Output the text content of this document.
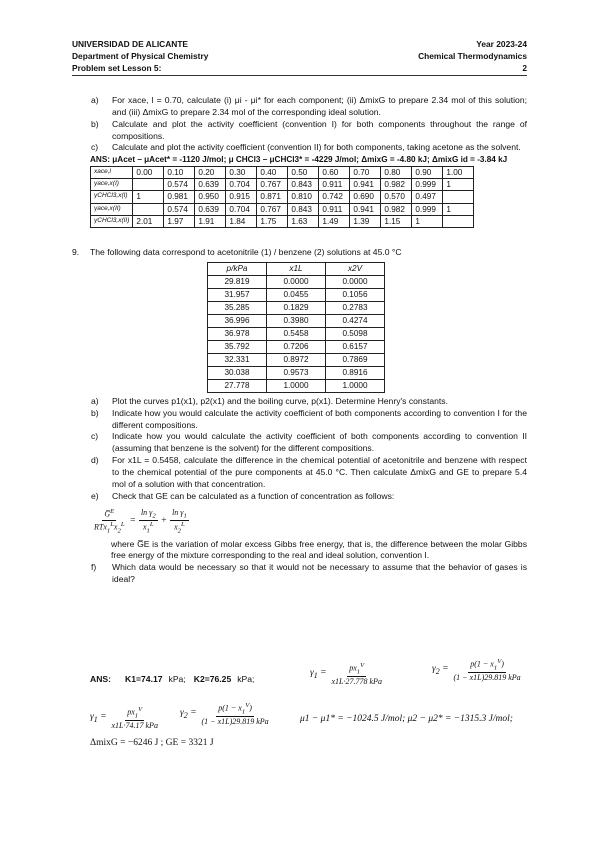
UNIVERSIDAD DE ALICANTE	Year 2023-24
Department of Physical Chemistry	Chemical Thermodynamics
Problem set Lesson 5:	2
a)	For xace, l = 0.70, calculate (i) μi - μi* for each component; (ii) ΔmixG to prepare 2.34 mol of this solution; and (iii) ΔmixG to prepare 2.34 mol of the corresponding ideal solution.
b)	Calculate and plot the activity coefficient (convention I) for both components throughout the range of compositions.
c)	Calculate and plot the activity coefficient (convention II) for both components, taking acetone as the solvent.
ANS: μAcet – μAcet* = -1120 J/mol; μ CHCl3 – μCHCl3* = -4229 J/mol; ΔmixG = -4.80 kJ; ΔmixG id = -3.84 kJ
xace,l	0.00	0.10	0.20	0.30	0.40	0.50	0.60	0.70	0.80	0.90	1.00
γace,x(I)		0.574	0.639	0.704	0.767	0.843	0.911	0.941	0.982	0.999	1
γCHCl3,x(I)	1	0.981	0.950	0.915	0.871	0.810	0.742	0.690	0.570	0.497	
γace,x(II)		0.574	0.639	0.704	0.767	0.843	0.911	0.941	0.982	0.999	1
γCHCl3,x(II)	2.01	1.97	1.91	1.84	1.75	1.63	1.49	1.39	1.15	1	
9.	The following data correspond to acetonitrile (1) / benzene (2) solutions at 45.0 °C
p/kPa	x1L	x2V
29.819	0.0000	0.0000
31.957	0.0455	0.1056
35.285	0.1829	0.2783
36.996	0.3980	0.4274
36.978	0.5458	0.5098
35.792	0.7206	0.6157
32.331	0.8972	0.7869
30.038	0.9573	0.8916
27.778	1.0000	1.0000
a)	Plot the curves p1(x1), p2(x1) and the boiling curve, p(x1). Determine Henry's constants.
b)	Indicate how you would calculate the activity coefficient of both components according to convention I for the different compositions.
c)	Indicate how you would calculate the activity coefficient of both components according to convention II (assuming that benzene is the solvent) for the different compositions.
d)	For x1L = 0.5458, calculate the difference in the chemical potential of acetonitrile and benzene with respect to the chemical potential of the pure components at 45.0 °C. Then calculate ΔmixG and GE to prepare 5.4 mol of a solution with that concentration.
e)	Check that GE can be calculated as a function of concentration as follows:
$\frac{G̅^E}{RTx_1^Lx_2^L} = \frac{\ln \gamma_2}{x_1^L} + \frac{\ln \gamma_1}{x_2^L}$
where G̅E is the variation of molar excess Gibbs free energy, that is, the difference between the molar Gibbs free energy of the mixture corresponding to the real and ideal solution, convention I.
f)	Which data would be necessary so that it would not be necessary to assume that the behavior of gases is ideal?
ANS: K1=74.17 kPa; K2=76.25 kPa;
$\gamma_1 = \frac{px_1^V}{\text{x1L·27.778 kPa}}$	$\gamma_2 = \frac{p(1 - x_1^V)}{\text{(1 − x1L)29.819 kPa}}$
$\gamma_1 = \frac{px_1^V}{\text{x1L·74.17 kPa}} \gamma_2 = \frac{p(1 - x_1^V)}{\text{(1 − x1L)29.819 kPa}}$	μ1 − μ1* = −1024.5 J/mol; μ2 − μ2* = −1315.3 J/mol;
ΔmixG = −6246 J ; GE = 3321 J
